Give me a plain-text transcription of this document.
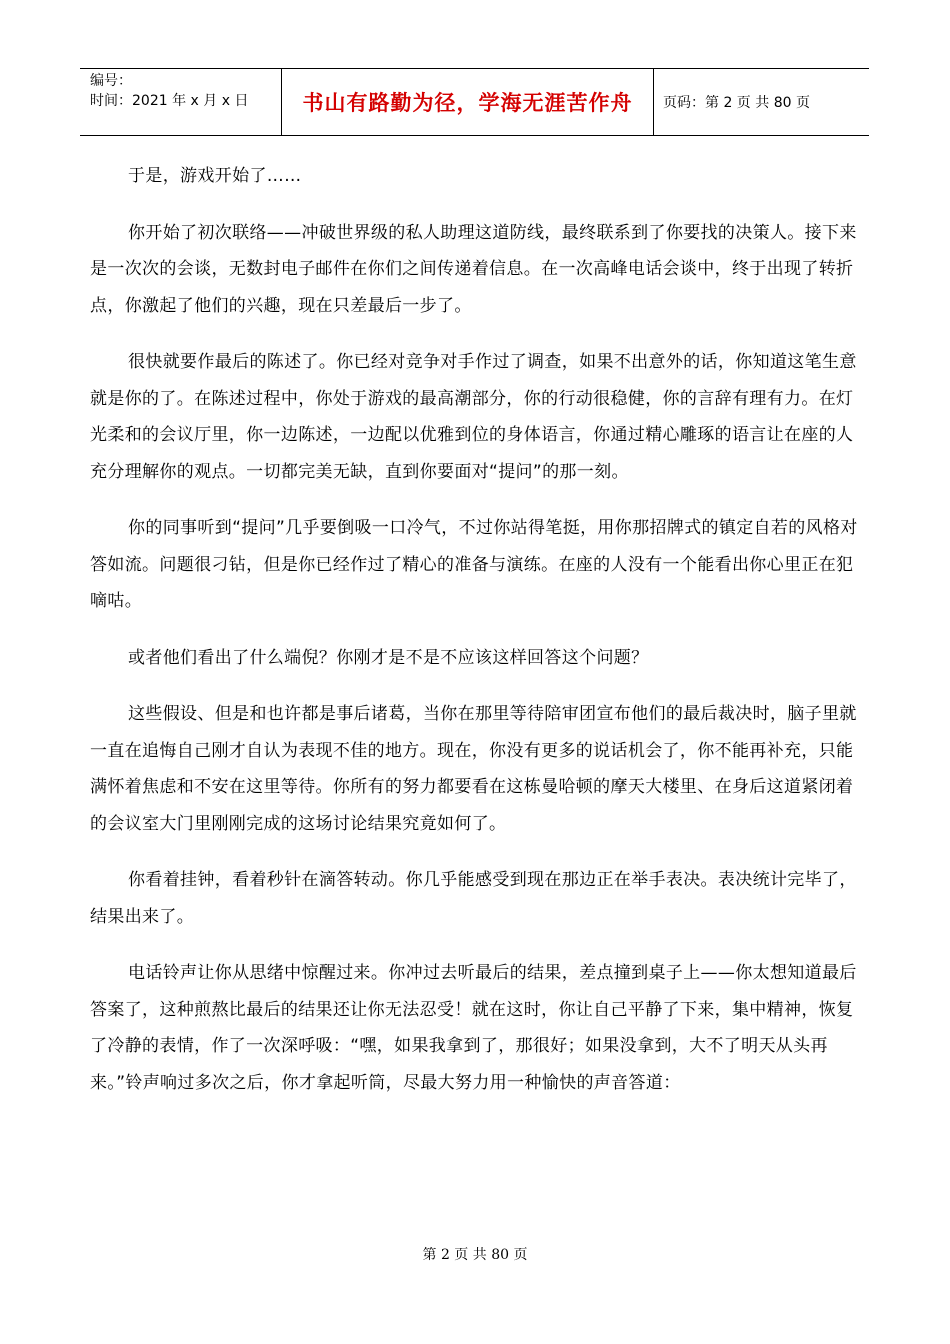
编号：
时间：2021 年 x 月 x 日	书山有路勤为径，学海无涯苦作舟 页码：第 2 页 共 80 页

于是，游戏开始了……

你开始了初次联络——冲破世界级的私人助理这道防线，最终联系到了你要找的决策人。接下来是一次次的会谈，无数封电子邮件在你们之间传递着信息。在一次高峰电话会谈中，终于出现了转折点，你激起了他们的兴趣，现在只差最后一步了。

很快就要作最后的陈述了。你已经对竞争对手作过了调查，如果不出意外的话，你知道这笔生意就是你的了。在陈述过程中，你处于游戏的最高潮部分，你的行动很稳健，你的言辞有理有力。在灯光柔和的会议厅里，你一边陈述，一边配以优雅到位的身体语言，你通过精心雕琢的语言让在座的人充分理解你的观点。一切都完美无缺，直到你要面对“提问”的那一刻。

你的同事听到“提问”几乎要倒吸一口冷气，不过你站得笔挺，用你那招牌式的镇定自若的风格对答如流。问题很刁钻，但是你已经作过了精心的准备与演练。在座的人没有一个能看出你心里正在犯嘀咕。

或者他们看出了什么端倪？你刚才是不是不应该这样回答这个问题？

这些假设、但是和也许都是事后诸葛，当你在那里等待陪审团宣布他们的最后裁决时，脑子里就一直在追悔自己刚才自认为表现不佳的地方。现在，你没有更多的说话机会了，你不能再补充，只能满怀着焦虑和不安在这里等待。你所有的努力都要看在这栋曼哈顿的摩天大楼里、在身后这道紧闭着的会议室大门里刚刚完成的这场讨论结果究竟如何了。

你看着挂钟，看着秒针在滴答转动。你几乎能感受到现在那边正在举手表决。表决统计完毕了，结果出来了。

电话铃声让你从思绪中惊醒过来。你冲过去听最后的结果，差点撞到桌子上——你太想知道最后答案了，这种煎熬比最后的结果还让你无法忍受！就在这时，你让自己平静了下来，集中精神，恢复了冷静的表情，作了一次深呼吸：“嘿，如果我拿到了，那很好；如果没拿到，大不了明天从头再来。”铃声响过多次之后，你才拿起听筒，尽最大努力用一种愉快的声音答道：

第 2 页 共 80 页
